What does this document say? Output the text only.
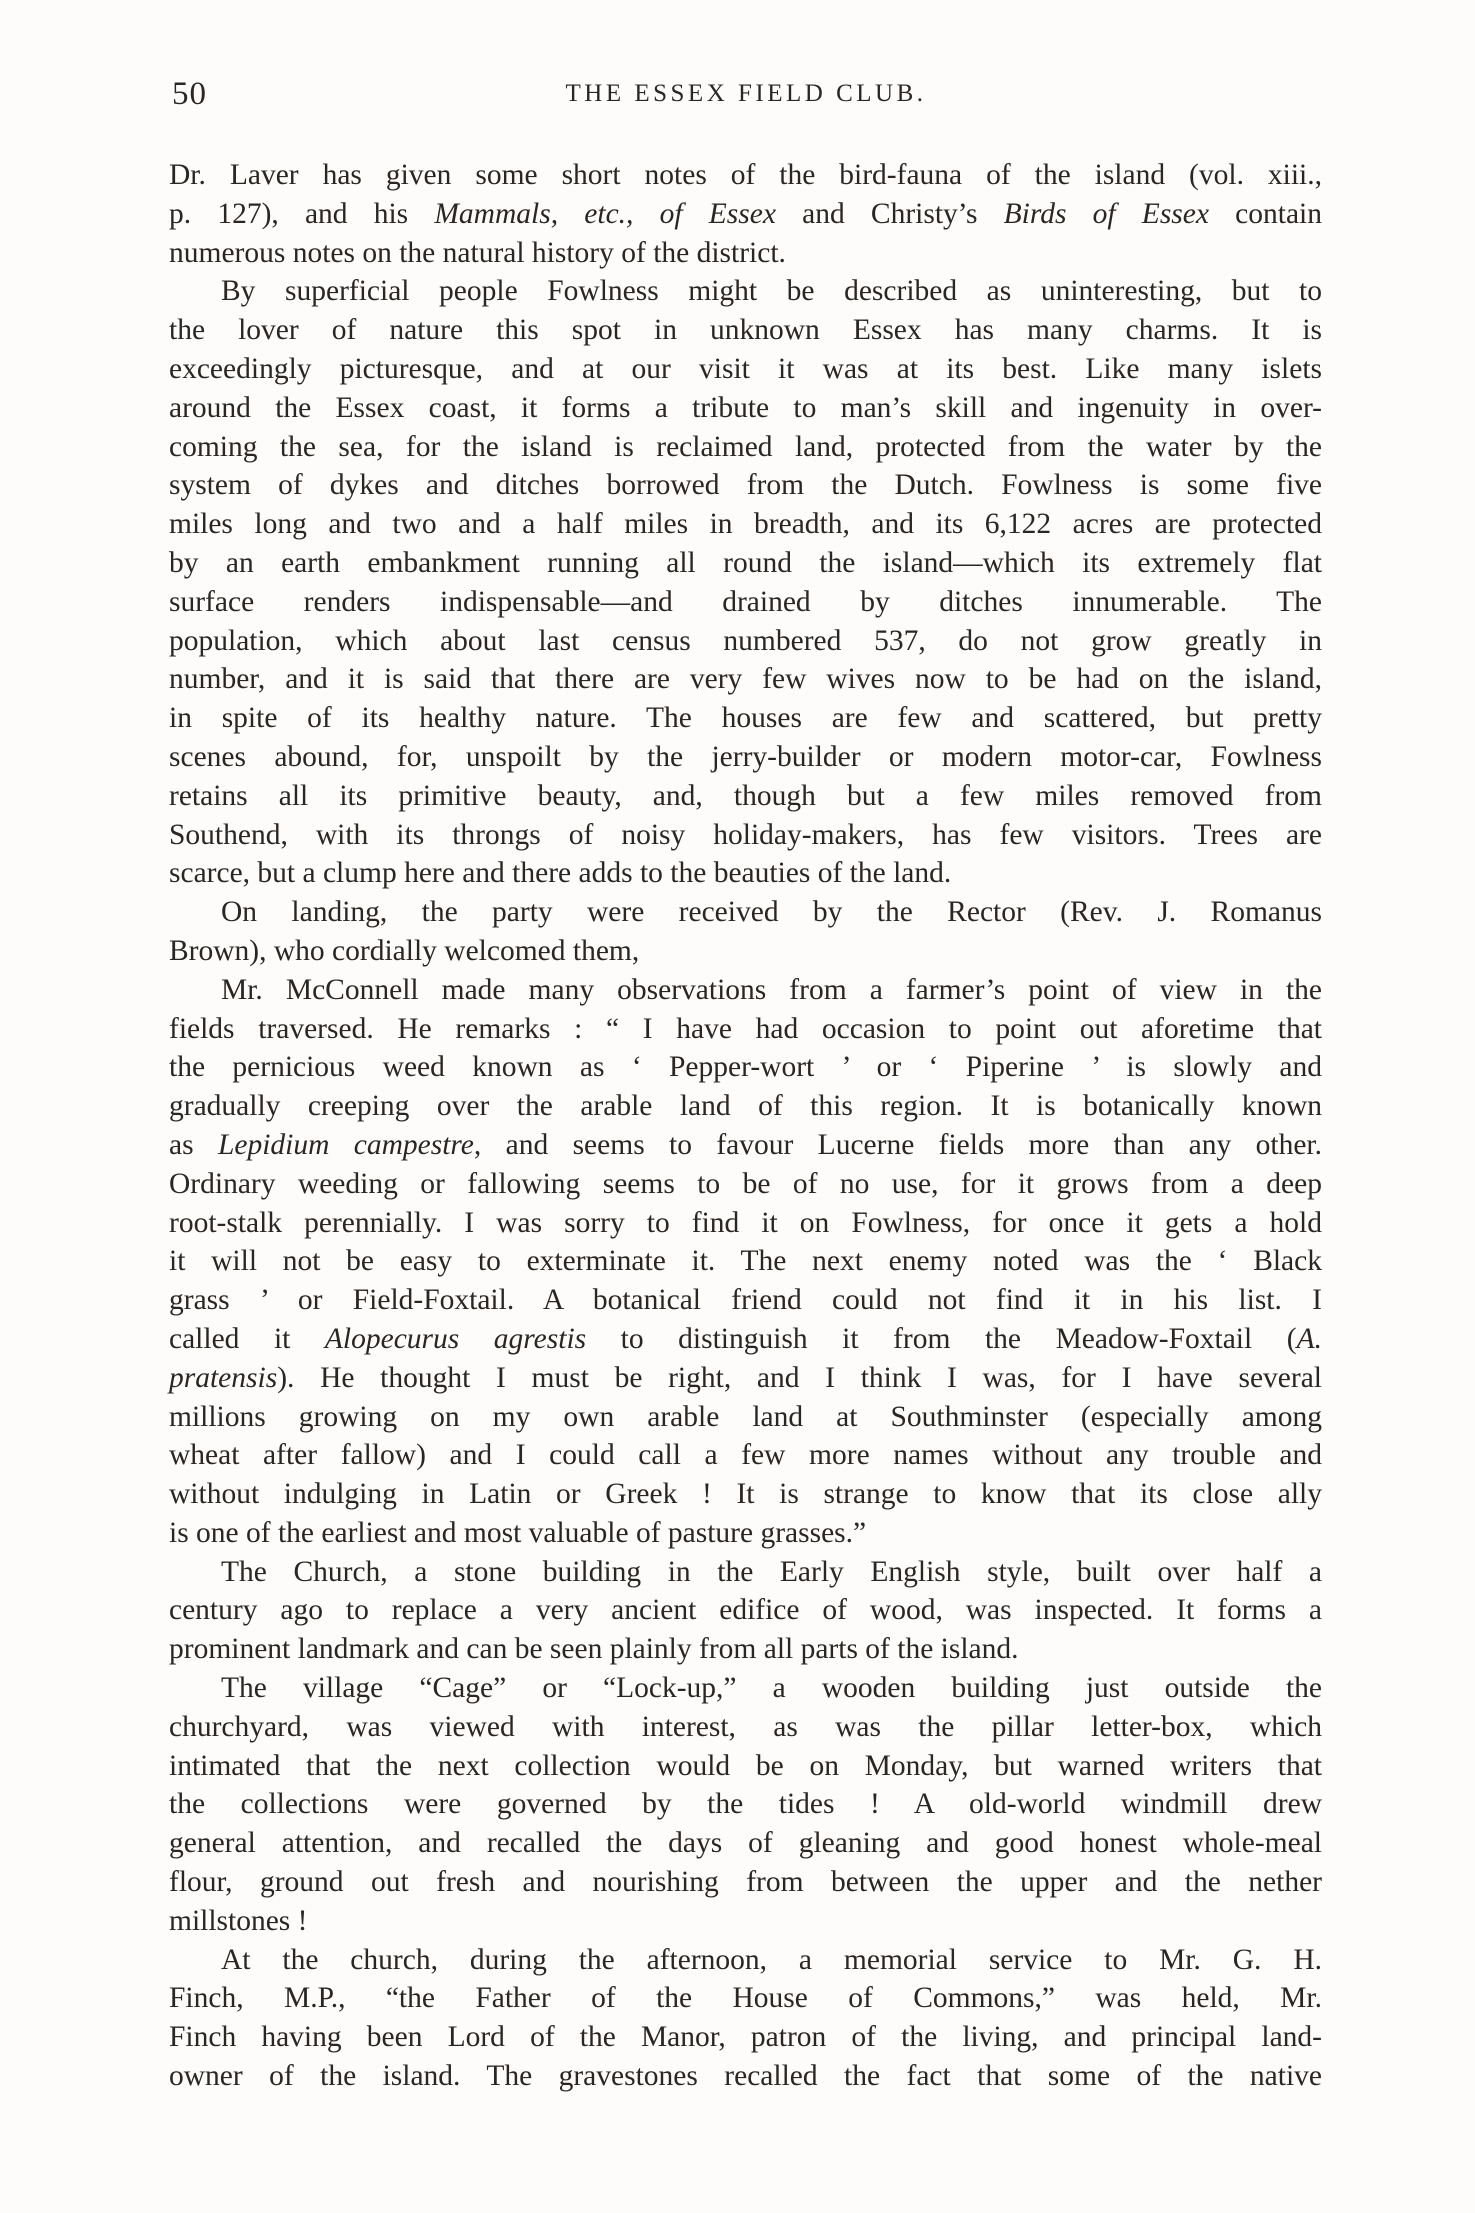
50	THE ESSEX FIELD CLUB.

Dr. Laver has given some short notes of the bird-fauna of the island (vol. xiii.,

p. 127), and his Mammals, etc., of Essex and Christy’s Birds of Essex contain

numerous notes on the natural history of the district.

By superficial people Fowlness might be described as uninteresting, but to

the lover of nature this spot in unknown Essex has many charms. It is

exceedingly picturesque, and at our visit it was at its best. Like many islets

around the Essex coast, it forms a tribute to man’s skill and ingenuity in over-

coming the sea, for the island is reclaimed land, protected from the water by the

system of dykes and ditches borrowed from the Dutch. Fowlness is some five

miles long and two and a half miles in breadth, and its 6,122 acres are protected

by an earth embankment running all round the island—which its extremely flat

surface renders indispensable—and drained by ditches innumerable. The

population, which about last census numbered 537, do not grow greatly in

number, and it is said that there are very few wives now to be had on the island,

in spite of its healthy nature. The houses are few and scattered, but pretty

scenes abound, for, unspoilt by the jerry-builder or modern motor-car, Fowlness

retains all its primitive beauty, and, though but a few miles removed from

Southend, with its throngs of noisy holiday-makers, has few visitors. Trees are

scarce, but a clump here and there adds to the beauties of the land.

On landing, the party were received by the Rector (Rev. J. Romanus

Brown), who cordially welcomed them,

Mr. McConnell made many observations from a farmer’s point of view in the

fields traversed. He remarks : “ I have had occasion to point out aforetime that

the pernicious weed known as ‘ Pepper-wort ’ or ‘ Piperine ’ is slowly and

gradually creeping over the arable land of this region. It is botanically known

as Lepidium campestre, and seems to favour Lucerne fields more than any other.

Ordinary weeding or fallowing seems to be of no use, for it grows from a deep

root-stalk perennially. I was sorry to find it on Fowlness, for once it gets a hold

it will not be easy to exterminate it. The next enemy noted was the ‘ Black

grass ’ or Field-Foxtail. A botanical friend could not find it in his list. I

called it Alopecurus agrestis to distinguish it from the Meadow-Foxtail (A.

pratensis). He thought I must be right, and I think I was, for I have several

millions growing on my own arable land at Southminster (especially among

wheat after fallow) and I could call a few more names without any trouble and

without indulging in Latin or Greek ! It is strange to know that its close ally

is one of the earliest and most valuable of pasture grasses.”

The Church, a stone building in the Early English style, built over half a

century ago to replace a very ancient edifice of wood, was inspected. It forms a

prominent landmark and can be seen plainly from all parts of the island.

The village “Cage” or “Lock-up,” a wooden building just outside the

churchyard, was viewed with interest, as was the pillar letter-box, which

intimated that the next collection would be on Monday, but warned writers that

the collections were governed by the tides ! A old-world windmill drew

general attention, and recalled the days of gleaning and good honest whole-meal

flour, ground out fresh and nourishing from between the upper and the nether

millstones !

At the church, during the afternoon, a memorial service to Mr. G. H.

Finch, M.P., “the Father of the House of Commons,” was held, Mr.

Finch having been Lord of the Manor, patron of the living, and principal land-

owner of the island. The gravestones recalled the fact that some of the native
